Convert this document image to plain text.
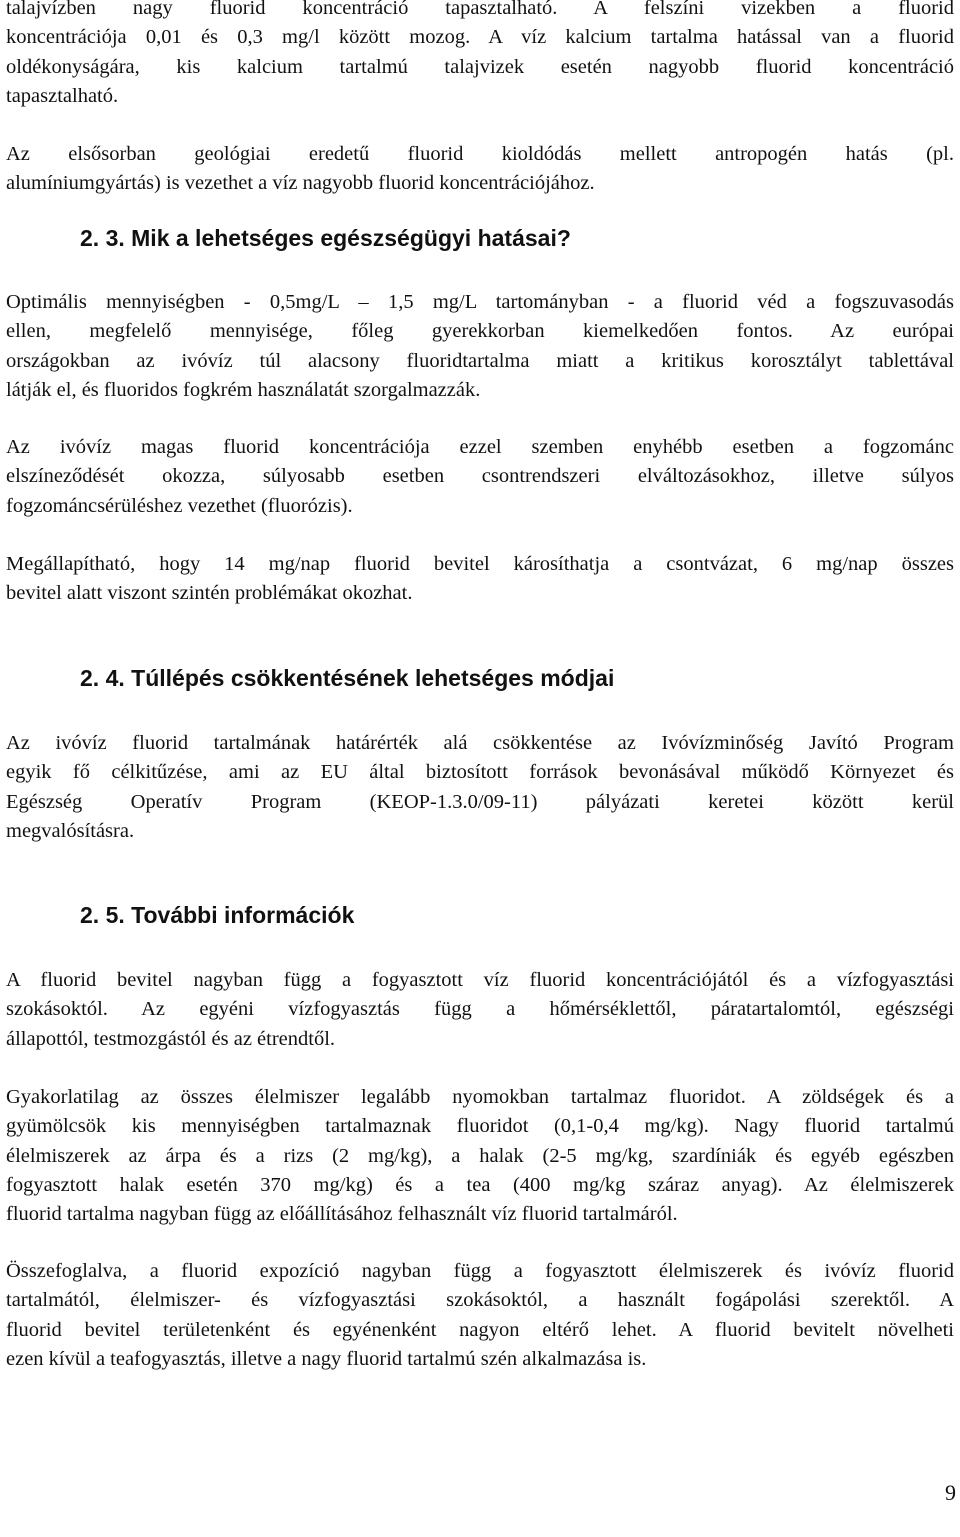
talajvízben nagy fluorid koncentráció tapasztalható. A felszíni vizekben a fluorid
koncentrációja 0,01 és 0,3 mg/l között mozog. A víz kalcium tartalma hatással van a fluorid
oldékonyságára, kis kalcium tartalmú talajvizek esetén nagyobb fluorid koncentráció
tapasztalható.
Az elsősorban geológiai eredetű fluorid kioldódás mellett antropogén hatás (pl.
alumíniumgyártás) is vezethet a víz nagyobb fluorid koncentrációjához.
2. 3. Mik a lehetséges egészségügyi hatásai?
Optimális mennyiségben - 0,5mg/L – 1,5 mg/L tartományban - a fluorid véd a fogszuvasodás
ellen, megfelelő mennyisége, főleg gyerekkorban kiemelkedően fontos. Az európai
országokban az ivóvíz túl alacsony fluoridtartalma miatt a kritikus korosztályt tablettával
látják el, és fluoridos fogkrém használatát szorgalmazzák.
Az ivóvíz magas fluorid koncentrációja ezzel szemben enyhébb esetben a fogzománc
elszíneződését okozza, súlyosabb esetben csontrendszeri elváltozásokhoz, illetve súlyos
fogzománcsérüléshez vezethet (fluorózis).
Megállapítható, hogy 14 mg/nap fluorid bevitel károsíthatja a csontvázat, 6 mg/nap összes
bevitel alatt viszont szintén problémákat okozhat.
2. 4. Túllépés csökkentésének lehetséges módjai
Az ivóvíz fluorid tartalmának határérték alá csökkentése az Ivóvízminőség Javító Program
egyik fő célkitűzése, ami az EU által biztosított források bevonásával működő Környezet és
Egészség Operatív Program (KEOP-1.3.0/09-11) pályázati keretei között kerül
megvalósításra.
2. 5. További információk
A fluorid bevitel nagyban függ a fogyasztott víz fluorid koncentrációjától és a vízfogyasztási
szokásoktól. Az egyéni vízfogyasztás függ a hőmérséklettől, páratartalomtól, egészségi
állapottól, testmozgástól és az étrendtől.
Gyakorlatilag az összes élelmiszer legalább nyomokban tartalmaz fluoridot. A zöldségek és a
gyümölcsök kis mennyiségben tartalmaznak fluoridot (0,1-0,4 mg/kg). Nagy fluorid tartalmú
élelmiszerek az árpa és a rizs (2 mg/kg), a halak (2-5 mg/kg, szardíniák és egyéb egészben
fogyasztott halak esetén 370 mg/kg) és a tea (400 mg/kg száraz anyag). Az élelmiszerek
fluorid tartalma nagyban függ az előállításához felhasznált víz fluorid tartalmáról.
Összefoglalva, a fluorid expozíció nagyban függ a fogyasztott élelmiszerek és ivóvíz fluorid
tartalmától, élelmiszer- és vízfogyasztási szokásoktól, a használt fogápolási szerektől. A
fluorid bevitel területenként és egyénenként nagyon eltérő lehet. A fluorid bevitelt növelheti
ezen kívül a teafogyasztás, illetve a nagy fluorid tartalmú szén alkalmazása is.
9
